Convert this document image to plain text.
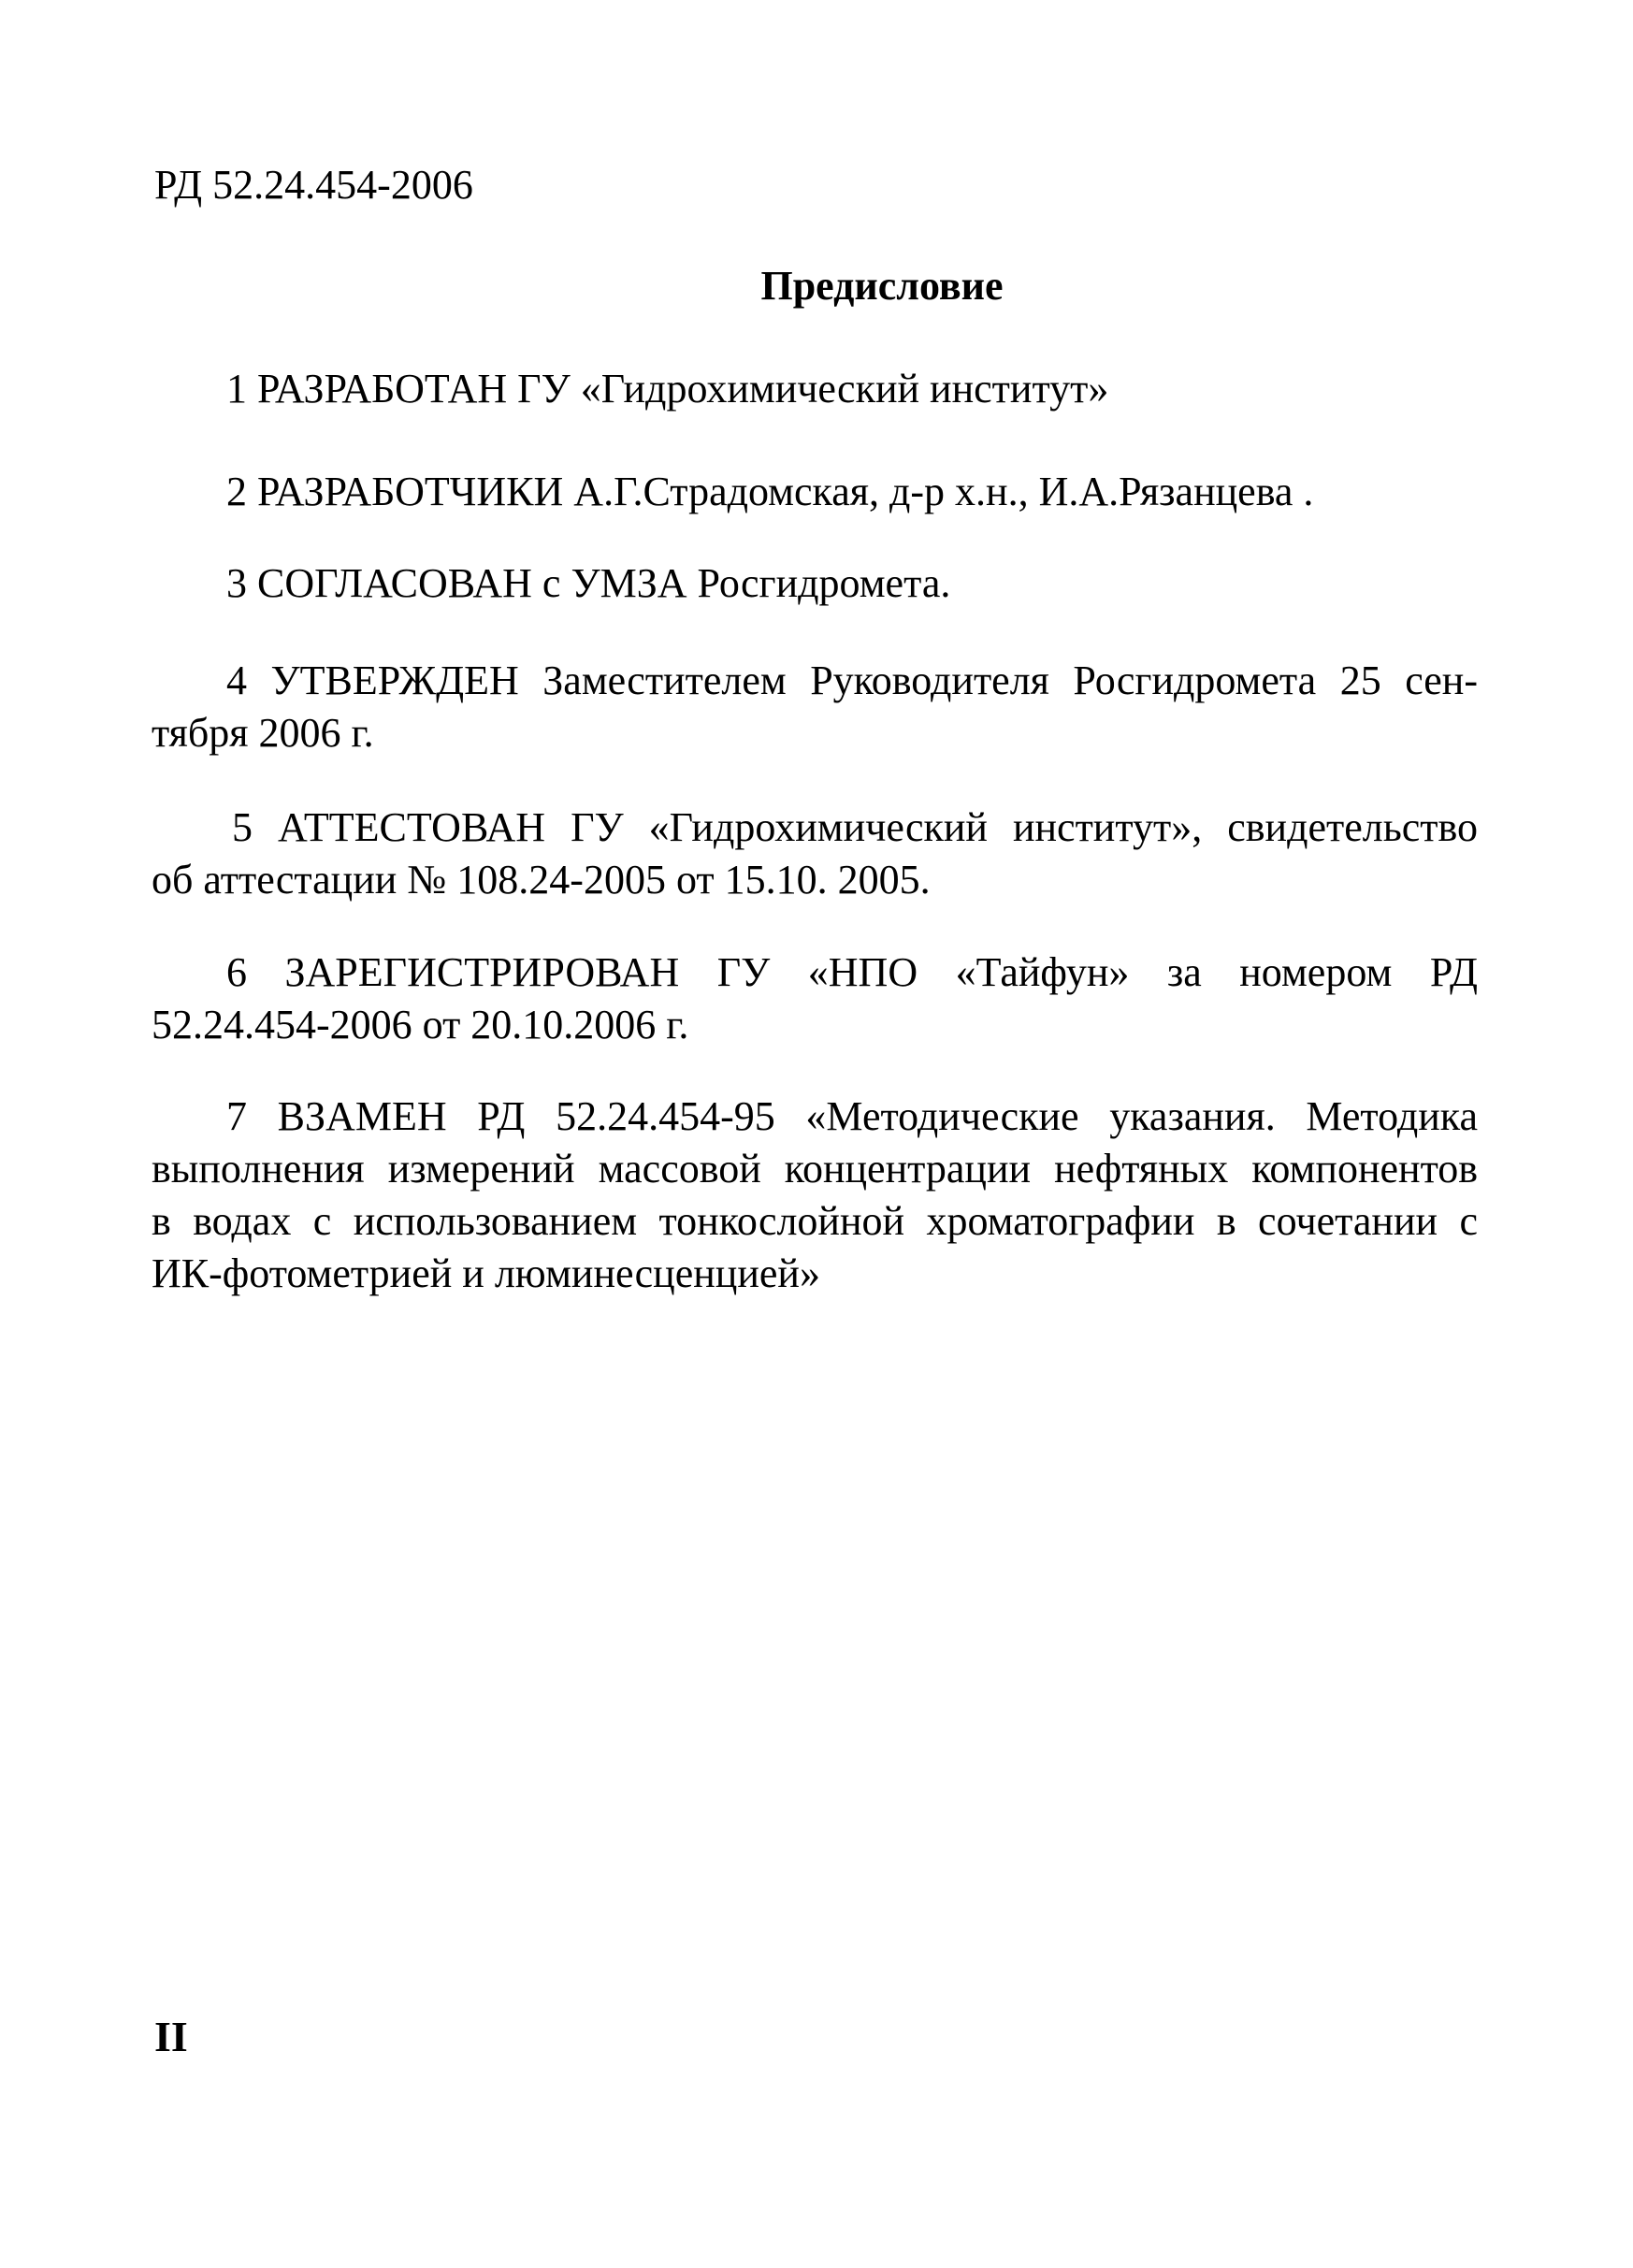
РД 52.24.454-2006
Предисловие
1 РАЗРАБОТАН ГУ «Гидрохимический институт»
2 РАЗРАБОТЧИКИ А.Г.Страдомская, д-р х.н., И.А.Рязанцева .
3 СОГЛАСОВАН с УМЗА Росгидромета.
4 УТВЕРЖДЕН Заместителем Руководителя Росгидромета 25 сен-
тября 2006 г.
5 АТТЕСТОВАН ГУ «Гидрохимический институт», свидетельство
об аттестации № 108.24-2005 от 15.10. 2005.
6 ЗАРЕГИСТРИРОВАН ГУ «НПО «Тайфун» за номером РД
52.24.454-2006 от 20.10.2006 г.
7 ВЗАМЕН РД 52.24.454-95 «Методические указания. Методика
выполнения измерений массовой концентрации нефтяных компонентов
в водах с использованием тонкослойной хроматографии в сочетании с
ИК-фотометрией и люминесценцией»
II
